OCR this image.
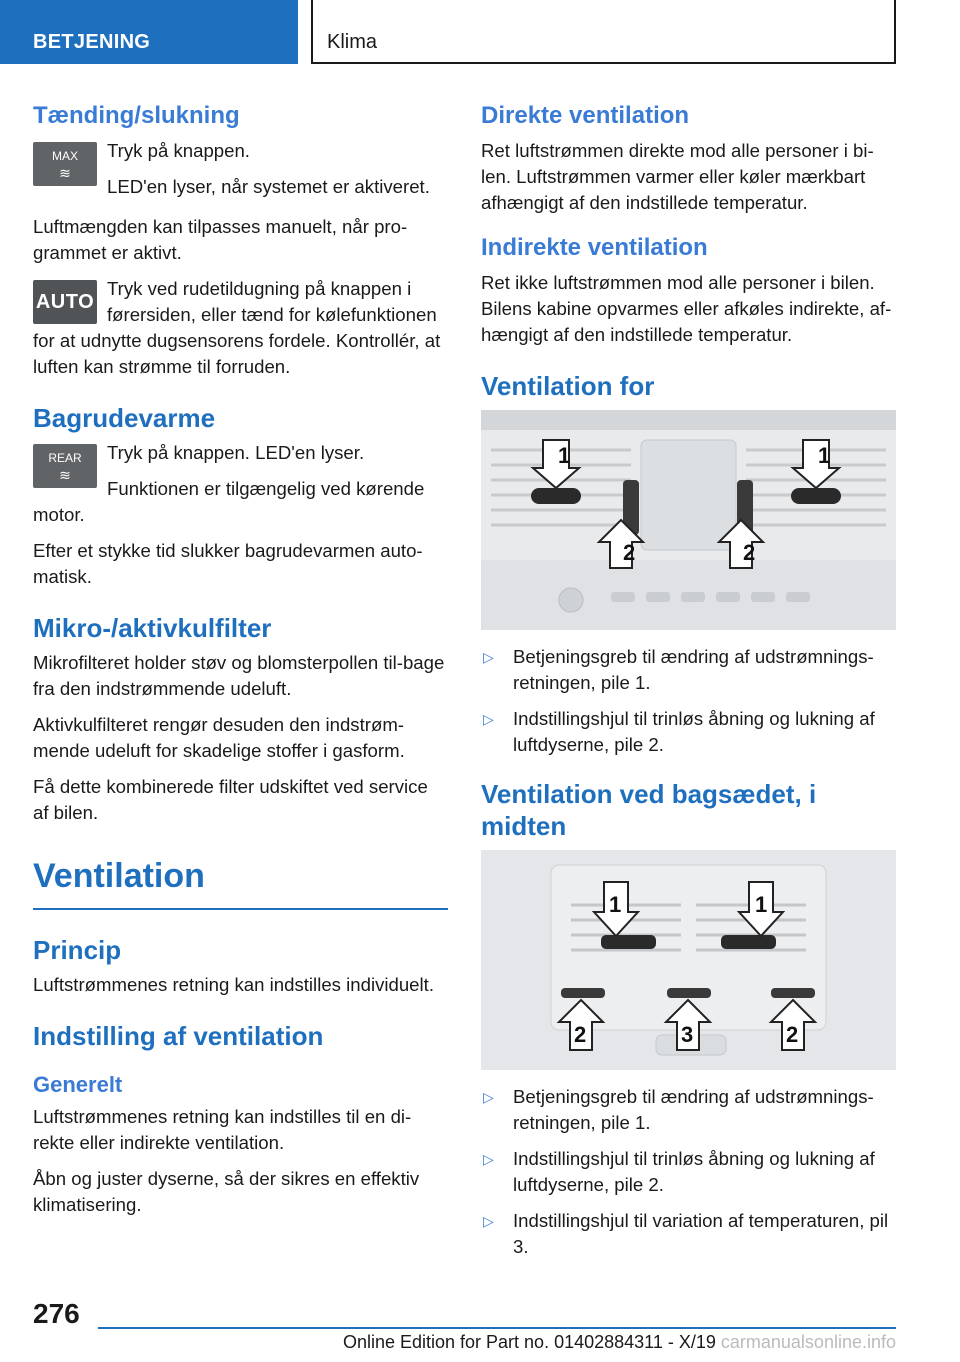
BETJENING	Klima
Tænding/slukning
MAX
≋

Tryk på knappen.

LED'en lyser, når systemet er aktiveret.

Luftmængden kan tilpasses manuelt, når pro‐grammet er aktivt.

AUTO

Tryk ved rudetildugning på knappen i førersiden, eller tænd for kølefunktionen for at udnytte dugsensorens fordele. Kontrollér, at luften kan strømme til forruden.

Bagrudevarme
REAR
≋

Tryk på knappen. LED'en lyser.

Funktionen er tilgængelig ved kørende motor.

Efter et stykke tid slukker bagrudevarmen auto‐matisk.

Mikro-/aktivkulfilter

Mikrofilteret holder støv og blomsterpollen til‐bage fra den indstrømmende udeluft.

Aktivkulfilteret rengør desuden den indstrøm‐mende udeluft for skadelige stoffer i gasform.

Få dette kombinerede filter udskiftet ved service af bilen.

Ventilation
Princip

Luftstrømmenes retning kan indstilles individuelt.

Indstilling af ventilation
Generelt

Luftstrømmenes retning kan indstilles til en di‐rekte eller indirekte ventilation.

Åbn og juster dyserne, så der sikres en effektiv klimatisering.

Direkte ventilation

Ret luftstrømmen direkte mod alle personer i bi‐len. Luftstrømmen varmer eller køler mærkbart afhængigt af den indstillede temperatur.

Indirekte ventilation

Ret ikke luftstrømmen mod alle personer i bilen. Bilens kabine opvarmes eller afkøles indirekte, af‐hængigt af den indstillede temperatur.

Ventilation for
1	1
2	2
▷	Betjeningsgreb til ændring af udstrømnings‐retningen, pile 1.
▷	Indstillingshjul til trinløs åbning og lukning af luftdyserne, pile 2.
Ventilation ved bagsædet, i midten
1	1
2	3	2
▷	Betjeningsgreb til ændring af udstrømnings‐retningen, pile 1.
▷	Indstillingshjul til trinløs åbning og lukning af luftdyserne, pile 2.
▷	Indstillingshjul til variation af temperaturen, pil 3.
276
Online Edition for Part no. 01402884311 - X/19 carmanualsonline.info
